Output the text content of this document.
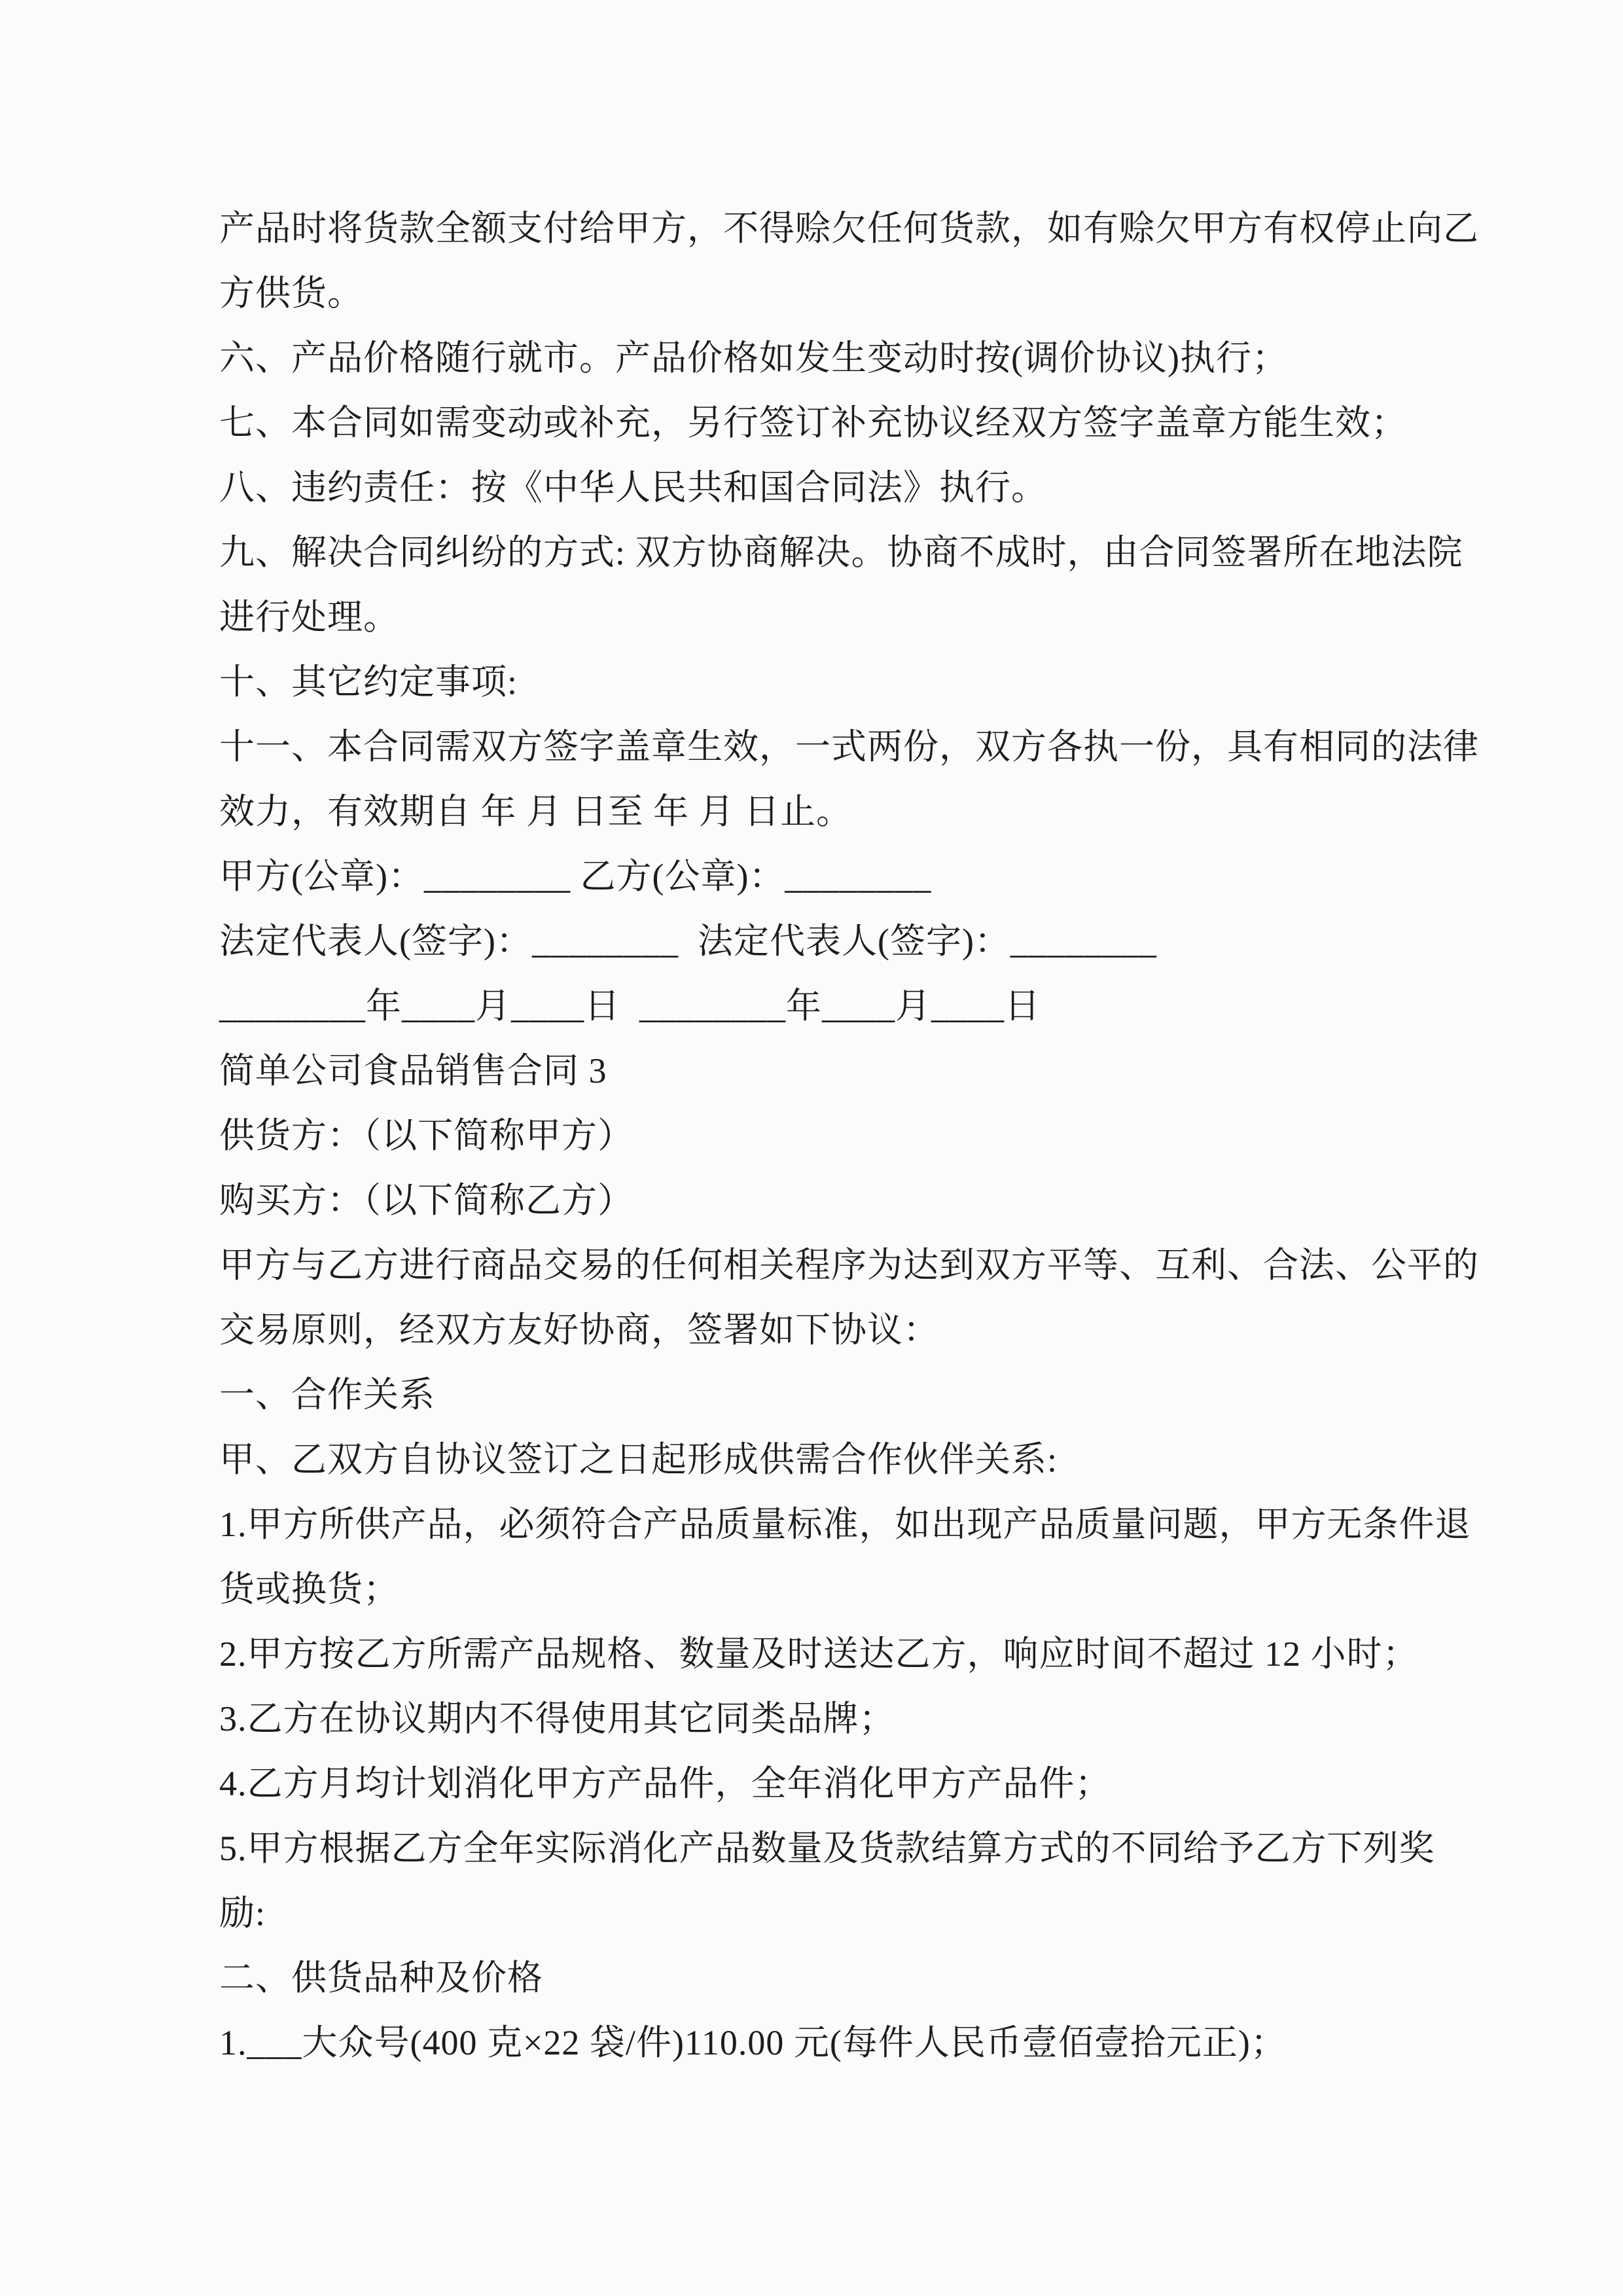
产品时将货款全额支付给甲方，不得赊欠任何货款，如有赊欠甲方有权停止向乙
方供货。
六、产品价格随行就市。产品价格如发生变动时按(调价协议)执行；
七、本合同如需变动或补充，另行签订补充协议经双方签字盖章方能生效；
八、违约责任：按《中华人民共和国合同法》执行。
九、解决合同纠纷的方式: 双方协商解决。协商不成时，由合同签署所在地法院
进行处理。
十、其它约定事项:
十一、本合同需双方签字盖章生效，一式两份，双方各执一份，具有相同的法律
效力，有效期自 年 月 日至 年 月 日止。
甲方(公章)：________ 乙方(公章)：________
法定代表人(签字)：________  法定代表人(签字)：________
________年____月____日  ________年____月____日
简单公司食品销售合同 3
供货方：（以下简称甲方）
购买方：（以下简称乙方）
甲方与乙方进行商品交易的任何相关程序为达到双方平等、互利、合法、公平的
交易原则，经双方友好协商，签署如下协议：
一、合作关系
甲、乙双方自协议签订之日起形成供需合作伙伴关系:
1.甲方所供产品，必须符合产品质量标准，如出现产品质量问题，甲方无条件退
货或换货；
2.甲方按乙方所需产品规格、数量及时送达乙方，响应时间不超过 12 小时；
3.乙方在协议期内不得使用其它同类品牌；
4.乙方月均计划消化甲方产品件，全年消化甲方产品件；
5.甲方根据乙方全年实际消化产品数量及货款结算方式的不同给予乙方下列奖
励:
二、供货品种及价格
1.___大众号(400 克×22 袋/件)110.00 元(每件人民币壹佰壹拾元正)；
